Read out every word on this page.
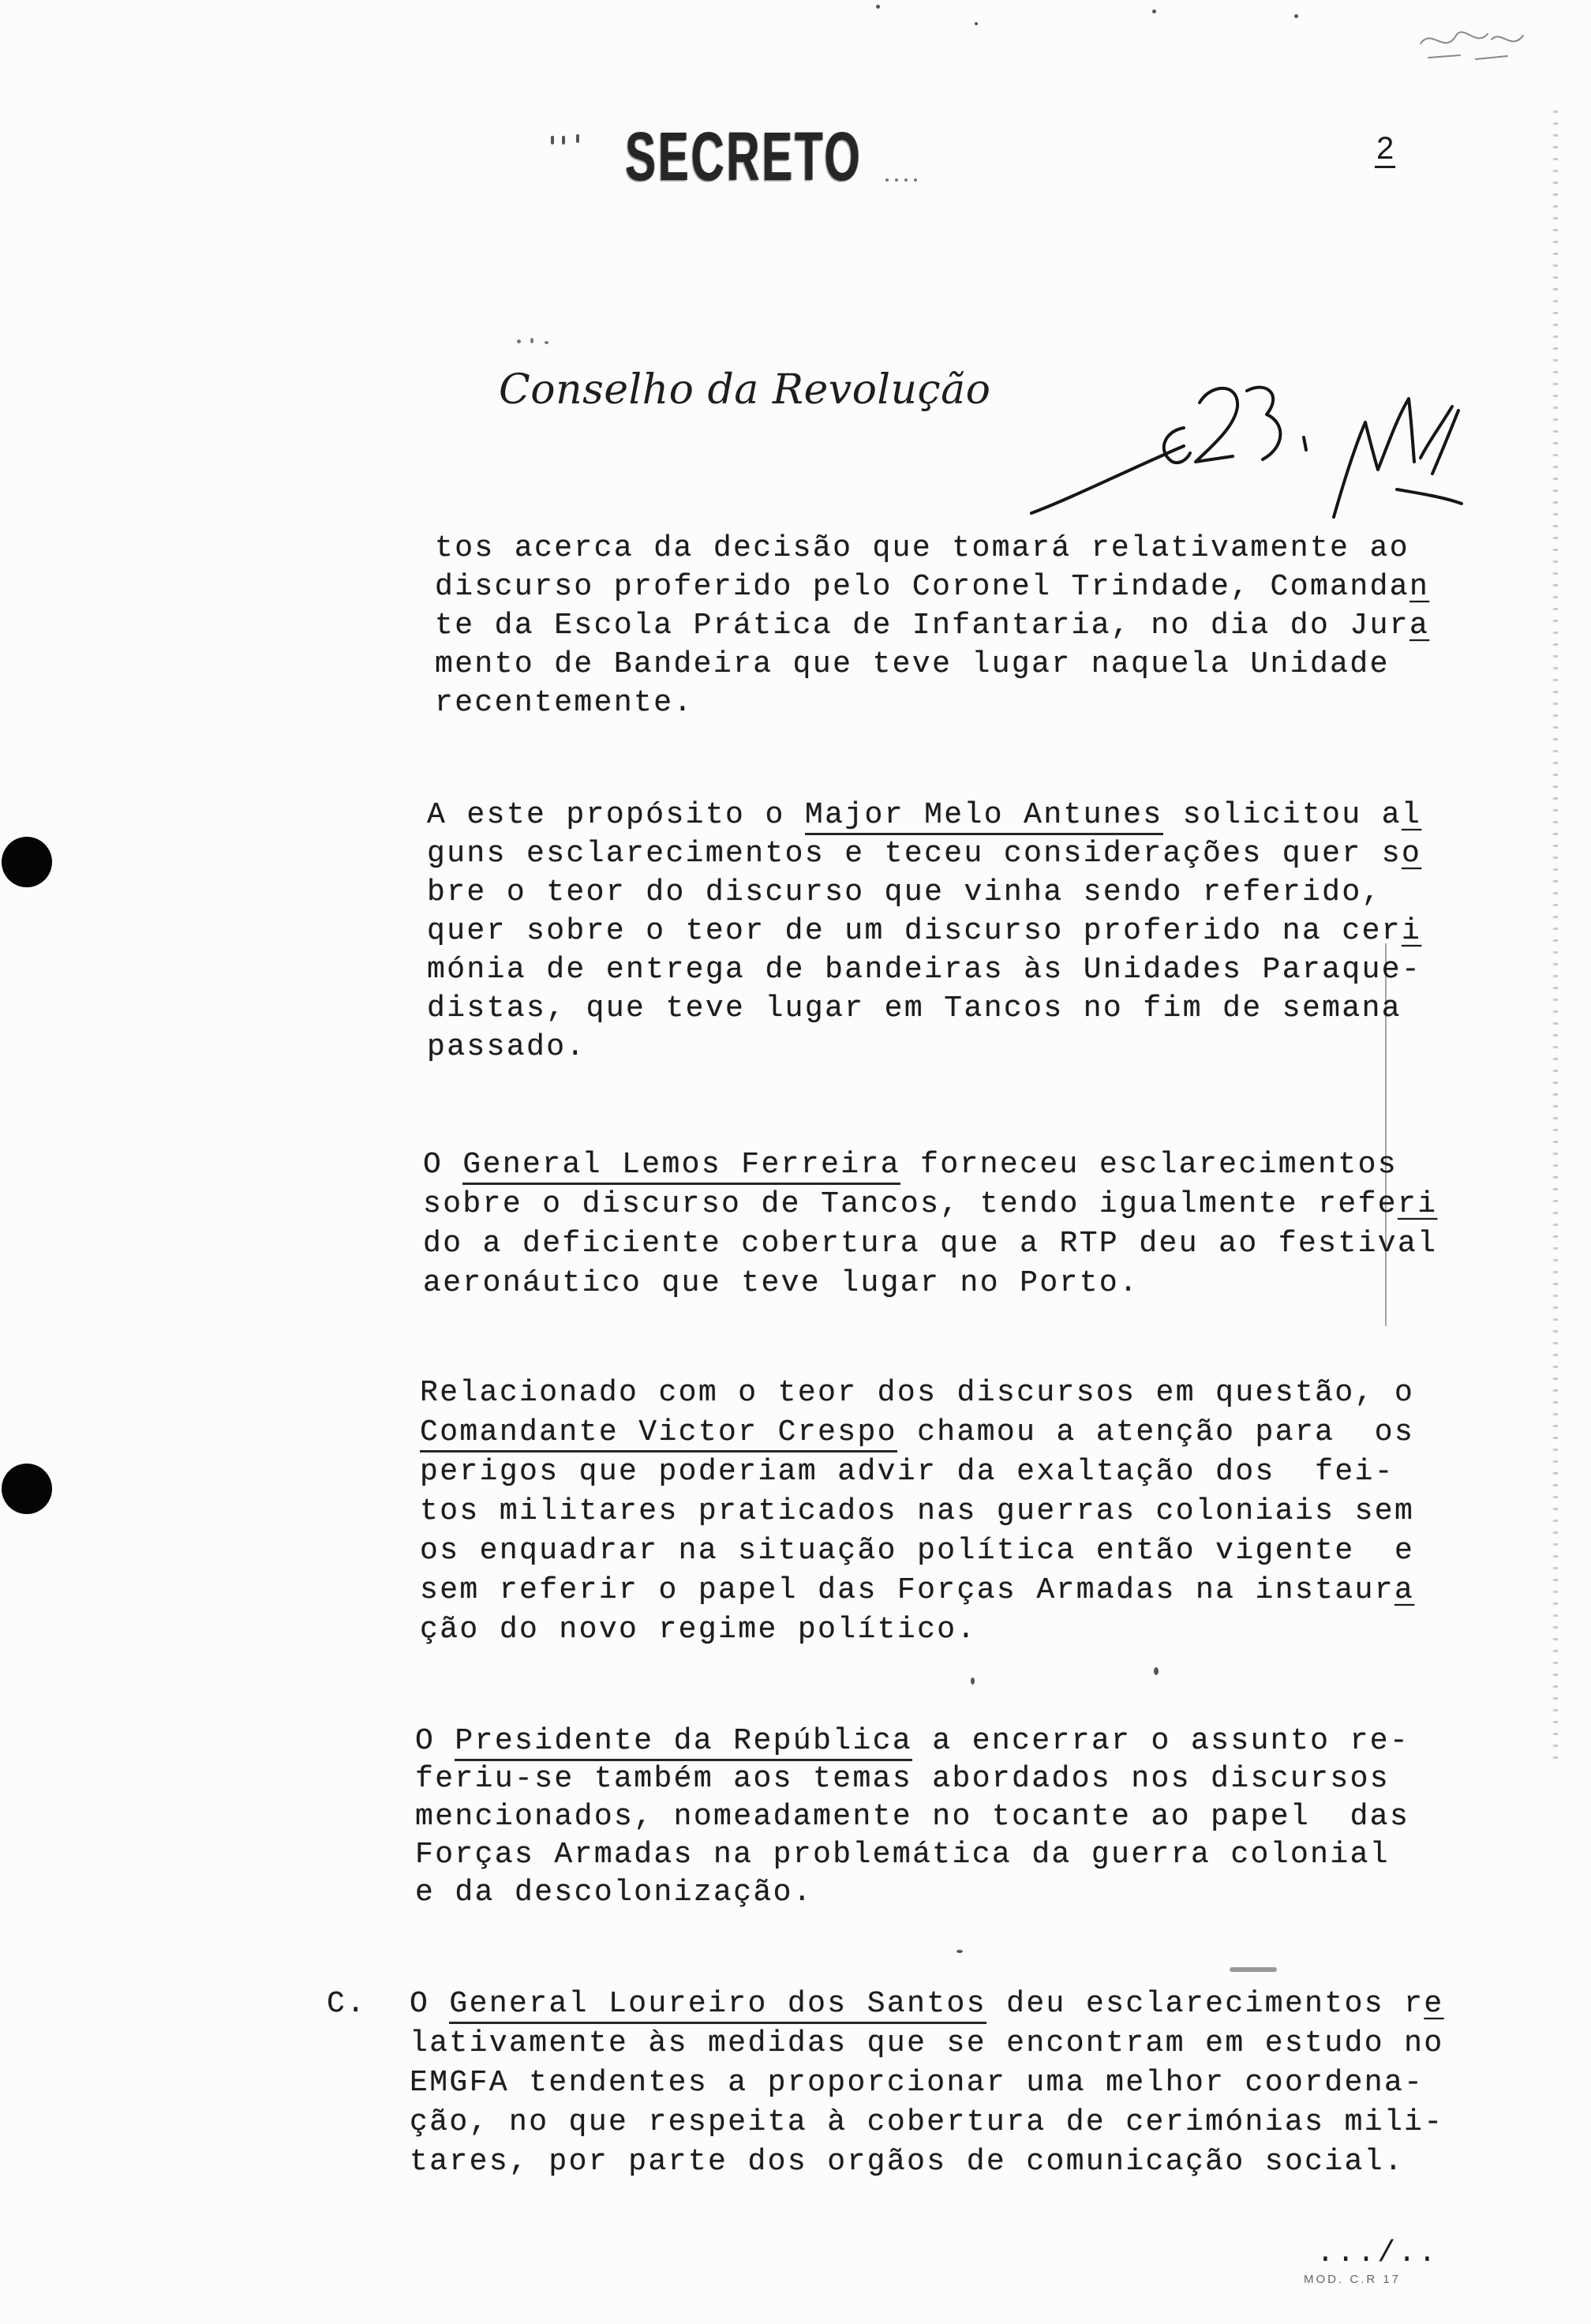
SECRETO	2
Conselho da Revolução
tos acerca da decisão que tomará relativamente ao
discurso proferido pelo Coronel Trindade, Comandan
te da Escola Prática de Infantaria, no dia do Jura
mento de Bandeira que teve lugar naquela Unidade
recentemente.
A este propósito o Major Melo Antunes solicitou al
guns esclarecimentos e teceu considerações quer so
bre o teor do discurso que vinha sendo referido,
quer sobre o teor de um discurso proferido na ceri
mónia de entrega de bandeiras às Unidades Paraque-
distas, que teve lugar em Tancos no fim de semana
passado.
O General Lemos Ferreira forneceu esclarecimentos
sobre o discurso de Tancos, tendo igualmente referi
do a deficiente cobertura que a RTP deu ao festival
aeronáutico que teve lugar no Porto.
Relacionado com o teor dos discursos em questão, o
Comandante Victor Crespo chamou a atenção para  os
perigos que poderiam advir da exaltação dos  fei-
tos militares praticados nas guerras coloniais sem
os enquadrar na situação política então vigente  e
sem referir o papel das Forças Armadas na instaura
ção do novo regime político.
O Presidente da República a encerrar o assunto re-
feriu-se também aos temas abordados nos discursos
mencionados, nomeadamente no tocante ao papel  das
Forças Armadas na problemática da guerra colonial
e da descolonização.
C. O General Loureiro dos Santos deu esclarecimentos re
lativamente às medidas que se encontram em estudo no
EMGFA tendentes a proporcionar uma melhor coordena-
ção, no que respeita à cobertura de cerimónias mili-
tares, por parte dos orgãos de comunicação social.
.../..
MOD. C.R 17
